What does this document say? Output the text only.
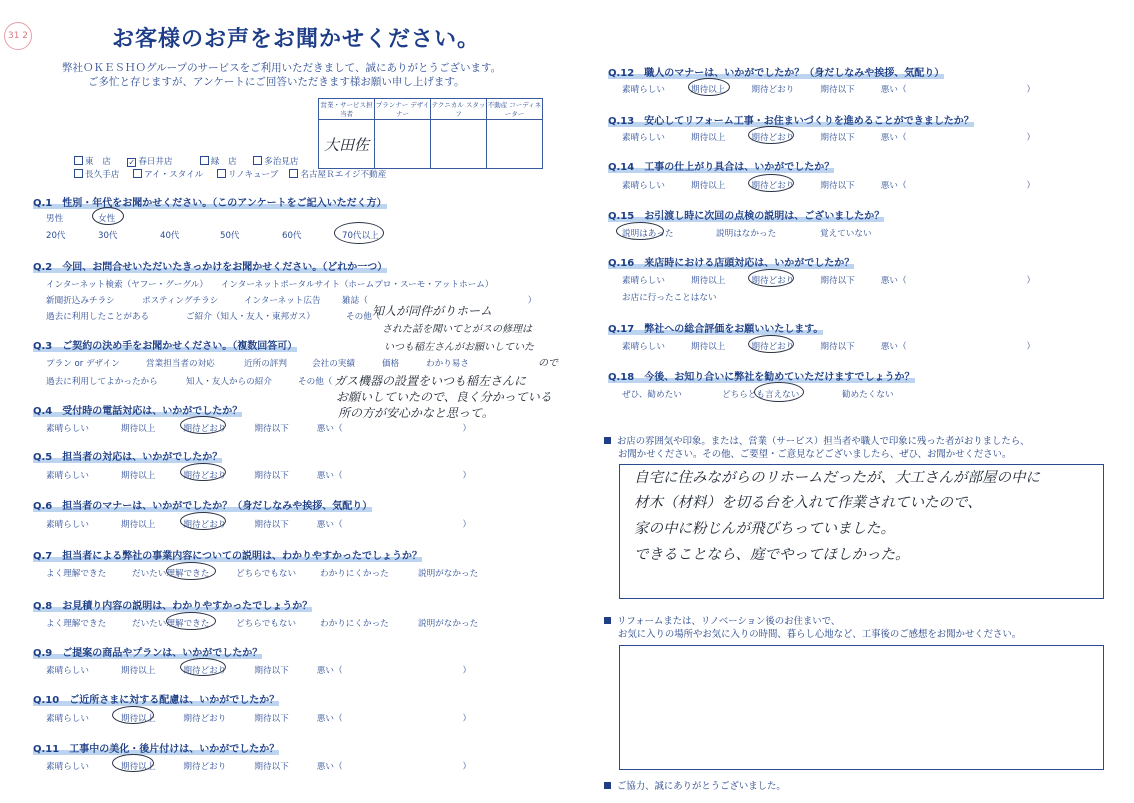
31 2	お客様のお声をお聞かせください。
弊社ＯＫＥＳＨＯグループのサービスをご利用いただきまして、誠にありがとうございます。
ご多忙と存じますが、アンケートにご回答いただきます様お願い申し上げます。
営業・サービス担当者	プランナー デザイナー	テクニカル スタッフ	不動産 コーディネーター
大田佐			
東　店 ✓ 春日井店	緑　店	多治見店
長久手店	アイ・スタイル	リノキューブ	名古屋Ｒエイジ不動産
Q.1　性別・年代をお聞かせください。（このアンケートをご記入いただく方）
男性	女性
20代	30代	40代	50代	60代	70代以上
Q.2　今回、お問合せいただいたきっかけをお聞かせください。（どれか一つ）
インターネット検索（ヤフー・グーグル）　　インターネットポータルサイト（ホームプロ・スーモ・アットホーム）
新聞折込みチラシ	ポスティングチラシ	インターネット広告 雑誌（	）
過去に利用したことがある	ご紹介（知人・友人・東邦ガス）	その他（
知人が同件がりホーム
された話を聞いてとがスの修理は
いつも稲左さんがお願いしていた
ので
Q.3　ご契約の決め手をお聞かせください。（複数回答可）
プラン or デザイン	営業担当者の対応	近所の評判	会社の実績	価格	わかり易さ
過去に利用してよかったから	知人・友人からの紹介	その他（ ガス機器の設置をいつも稲左さんに
お願いしていたので、良く分かっている
所の方が安心かなと思って。
Q.4　受付時の電話対応は、いかがでしたか？
素晴らしい	期待以上	期待どおり	期待以下	悪い（	）
Q.5　担当者の対応は、いかがでしたか？
素晴らしい	期待以上	期待どおり	期待以下	悪い（	）
Q.6　担当者のマナーは、いかがでしたか？（身だしなみや挨拶、気配り）
素晴らしい	期待以上	期待どおり	期待以下	悪い（	）
Q.7　担当者による弊社の事業内容についての説明は、わかりやすかったでしょうか？
よく理解できた	だいたい理解できた	どちらでもない	わかりにくかった	説明がなかった
Q.8　お見積り内容の説明は、わかりやすかったでしょうか？
よく理解できた	だいたい理解できた	どちらでもない	わかりにくかった	説明がなかった
Q.9　ご提案の商品やプランは、いかがでしたか？
素晴らしい	期待以上	期待どおり	期待以下	悪い（	）
Q.10　ご近所さまに対する配慮は、いかがでしたか？
素晴らしい	期待以上	期待どおり	期待以下	悪い（	）
Q.11　工事中の美化・後片付けは、いかがでしたか？
素晴らしい	期待以上	期待どおり	期待以下	悪い（	）
Q.12　職人のマナーは、いかがでしたか？（身だしなみや挨拶、気配り）
素晴らしい	期待以上	期待どおり	期待以下	悪い（	）
Q.13　安心してリフォーム工事・お住まいづくりを進めることができましたか？
素晴らしい	期待以上	期待どおり	期待以下	悪い（	）
Q.14　工事の仕上がり具合は、いかがでしたか？
素晴らしい	期待以上	期待どおり	期待以下	悪い（	）
Q.15　お引渡し時に次回の点検の説明は、ございましたか？
説明はあった	説明はなかった	覚えていない
Q.16　来店時における店頭対応は、いかがでしたか？
素晴らしい	期待以上	期待どおり	期待以下	悪い（	）
お店に行ったことはない
Q.17　弊社への総合評価をお願いいたします。
素晴らしい	期待以上	期待どおり	期待以下	悪い（	）
Q.18　今後、お知り合いに弊社を勧めていただけますでしょうか？
ぜひ、勧めたい	どちらとも言えない	勧めたくない
お店の雰囲気や印象。または、営業（サービス）担当者や職人で印象に残った者がおりましたら、
お聞かせください。その他、ご要望・ご意見などございましたら、ぜひ、お聞かせください。
自宅に住みながらのリホームだったが、大工さんが部屋の中に
材木（材料）を切る台を入れて作業されていたので、
家の中に粉じんが飛びちっていました。
できることなら、庭でやってほしかった。
リフォームまたは、リノベーション後のお住まいで、
お気に入りの場所やお気に入りの時間、暮らし心地など、工事後のご感想をお聞かせください。
ご協力、誠にありがとうございました。
